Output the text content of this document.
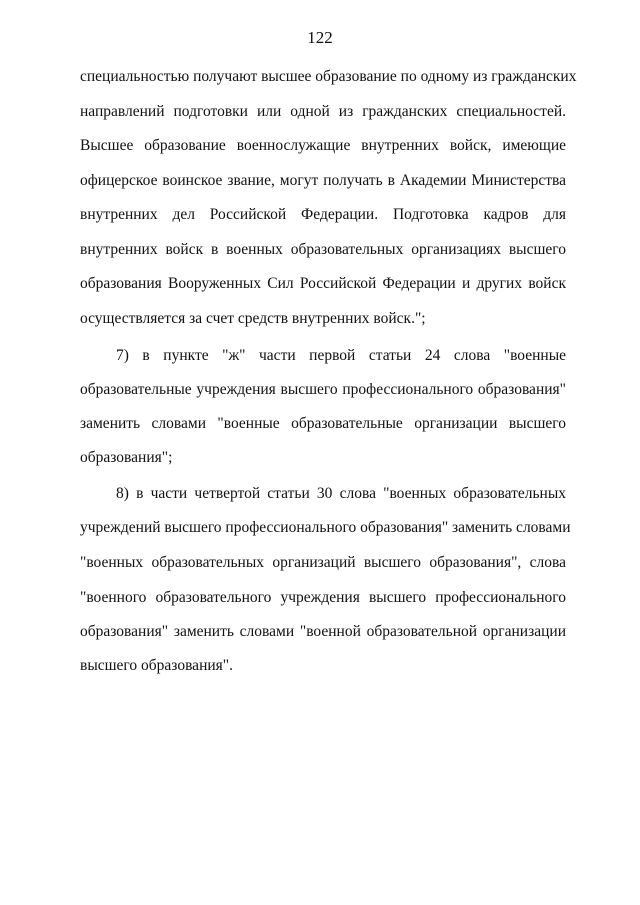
122
специальностью получают высшее образование по одному из гражданских
направлений подготовки или одной из гражданских специальностей.
Высшее образование военнослужащие внутренних войск, имеющие
офицерское воинское звание, могут получать в Академии Министерства
внутренних дел Российской Федерации. Подготовка кадров для
внутренних войск в военных образовательных организациях высшего
образования Вооруженных Сил Российской Федерации и других войск
осуществляется за счет средств внутренних войск.";
7) в пункте "ж" части первой статьи 24 слова "военные
образовательные учреждения высшего профессионального образования"
заменить словами "военные образовательные организации высшего
образования";
8) в части четвертой статьи 30 слова "военных образовательных
учреждений высшего профессионального образования" заменить словами
"военных образовательных организаций высшего образования", слова
"военного образовательного учреждения высшего профессионального
образования" заменить словами "военной образовательной организации
высшего образования".
